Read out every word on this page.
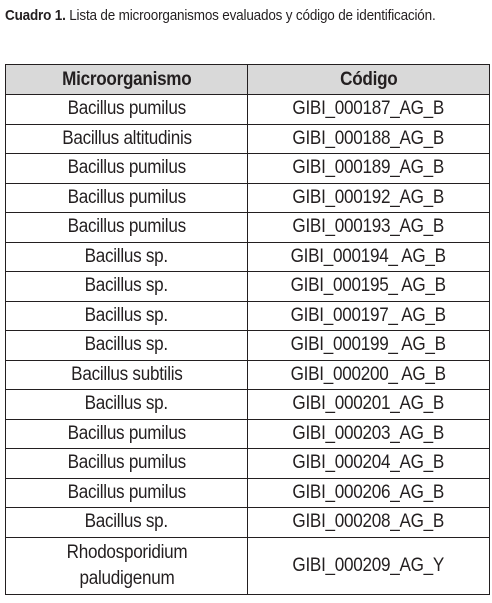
Cuadro 1. Lista de microorganismos evaluados y código de identificación.
Microorganismo	Código
Bacillus pumilus	GIBI_000187_AG_B
Bacillus altitudinis	GIBI_000188_AG_B
Bacillus pumilus	GIBI_000189_AG_B
Bacillus pumilus	GIBI_000192_AG_B
Bacillus pumilus	GIBI_000193_AG_B
Bacillus sp.	GIBI_000194_ AG_B
Bacillus sp.	GIBI_000195_ AG_B
Bacillus sp.	GIBI_000197_ AG_B
Bacillus sp.	GIBI_000199_ AG_B
Bacillus subtilis	GIBI_000200_ AG_B
Bacillus sp.	GIBI_000201_AG_B
Bacillus pumilus	GIBI_000203_AG_B
Bacillus pumilus	GIBI_000204_AG_B
Bacillus pumilus	GIBI_000206_AG_B
Bacillus sp.	GIBI_000208_AG_B
Rhodosporidium paludigenum	GIBI_000209_AG_Y
